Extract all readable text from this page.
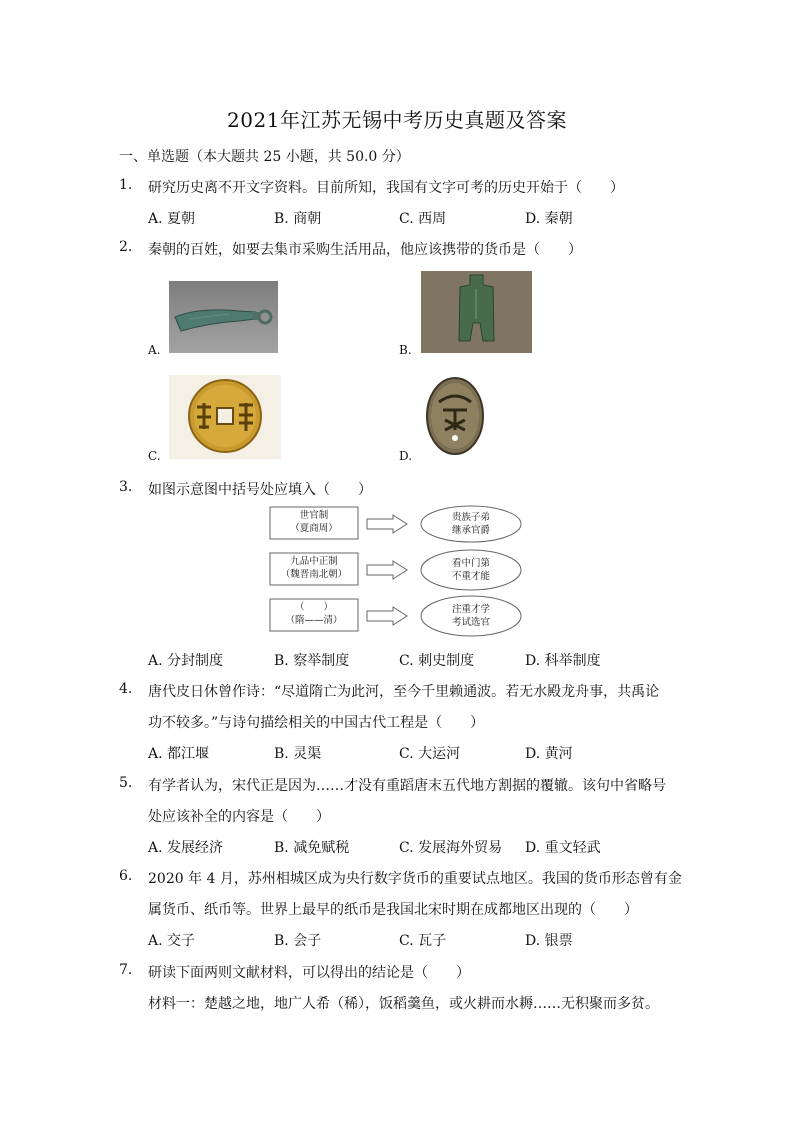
2021年江苏无锡中考历史真题及答案
一、单选题（本大题共 25 小题，共 50.0 分）
1. 研究历史离不开文字资料。目前所知，我国有文字可考的历史开始于（　　）
A. 夏朝	B. 商朝	C. 西周	D. 秦朝
2. 秦朝的百姓，如要去集市采购生活用品，他应该携带的货币是（　　）
A.	B.
C.	D.
3. 如图示意图中括号处应填入（　　）
世官制
（夏商周）
九品中正制
（魏晋南北朝）
（　　）
（隋——清）
贵族子弟
继承官爵
看中门第
不重才能
注重才学
考试选官
A. 分封制度	B. 察举制度	C. 刺史制度	D. 科举制度
4. 唐代皮日休曾作诗：“尽道隋亡为此河，至今千里赖通波。若无水殿龙舟事，共禹论
功不较多。”与诗句描绘相关的中国古代工程是（　　）
A. 都江堰	B. 灵渠	C. 大运河	D. 黄河
5. 有学者认为，宋代正是因为……才没有重蹈唐末五代地方割据的覆辙。该句中省略号
处应该补全的内容是（　　）
A. 发展经济	B. 减免赋税	C. 发展海外贸易 D. 重文轻武
6. 2020 年 4 月，苏州相城区成为央行数字货币的重要试点地区。我国的货币形态曾有金
属货币、纸币等。世界上最早的纸币是我国北宋时期在成都地区出现的（　　）
A. 交子	B. 会子	C. 瓦子	D. 银票
7. 研读下面两则文献材料，可以得出的结论是（　　）
材料一：楚越之地，地广人希（稀），饭稻羹鱼，或火耕而水耨……无积聚而多贫。
